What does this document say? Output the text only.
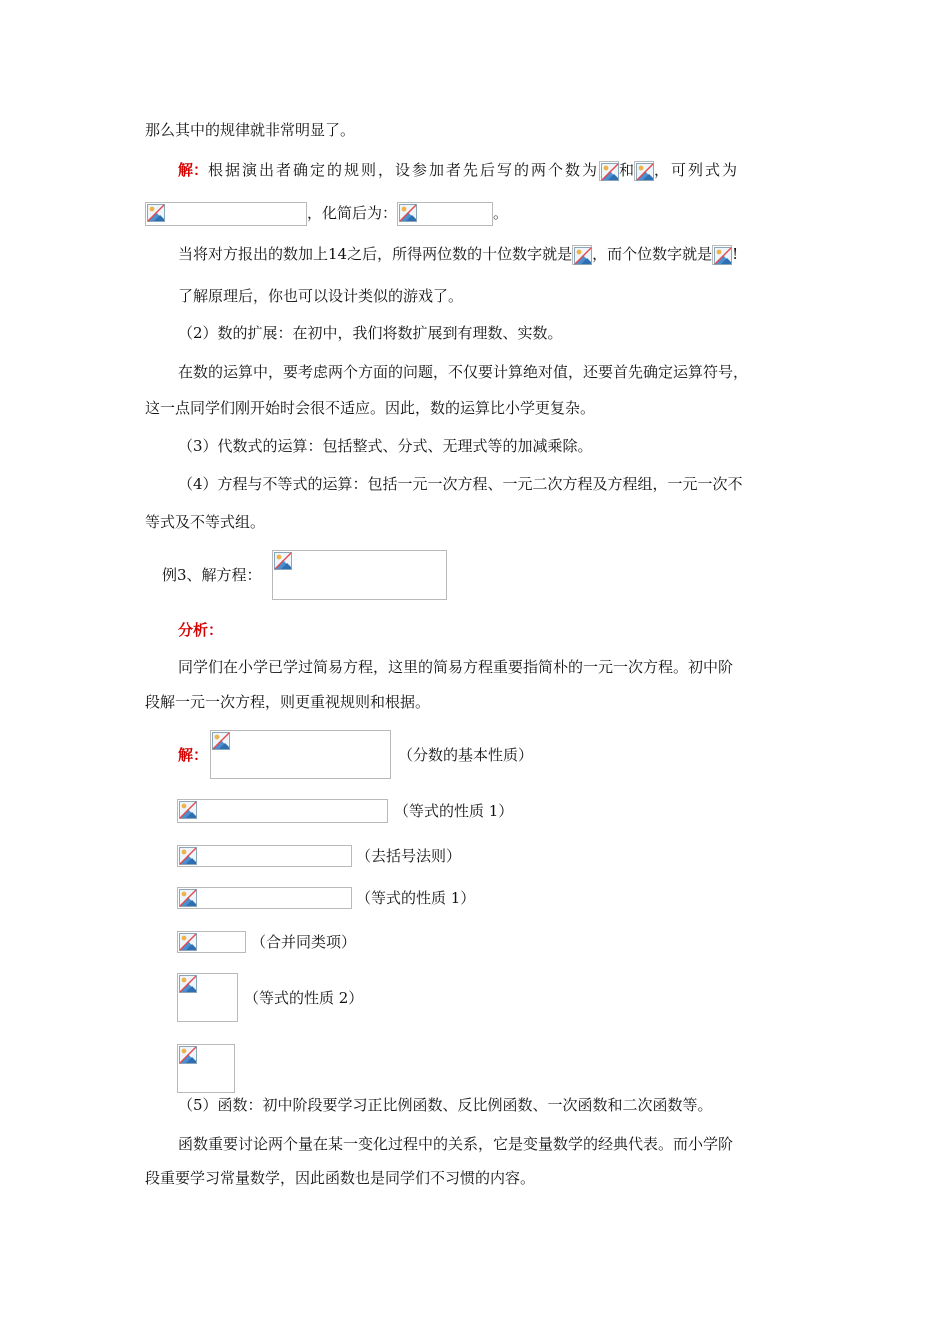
那么其中的规律就非常明显了。
解：根据演出者确定的规则，设参加者先后写的两个数为 和 ，可列式为
，化简后为：	。
当将对方报出的数加上14之后，所得两位数的十位数字就是 ，而个位数字就是 !
了解原理后，你也可以设计类似的游戏了。
（2）数的扩展：在初中，我们将数扩展到有理数、实数。
在数的运算中，要考虑两个方面的问题，不仅要计算绝对值，还要首先确定运算符号，
这一点同学们刚开始时会很不适应。因此，数的运算比小学更复杂。
（3）代数式的运算：包括整式、分式、无理式等的加减乘除。
（4）方程与不等式的运算：包括一元一次方程、一元二次方程及方程组，一元一次不
等式及不等式组。
例3、解方程：
分析：
同学们在小学已学过简易方程，这里的简易方程重要指简朴的一元一次方程。初中阶
段解一元一次方程，则更重视规则和根据。
解：	（分数的基本性质）
（等式的性质 1）
（去括号法则）
（等式的性质 1）
（合并同类项）
（等式的性质 2）
（5）函数：初中阶段要学习正比例函数、反比例函数、一次函数和二次函数等。
函数重要讨论两个量在某一变化过程中的关系，它是变量数学的经典代表。而小学阶
段重要学习常量数学，因此函数也是同学们不习惯的内容。
